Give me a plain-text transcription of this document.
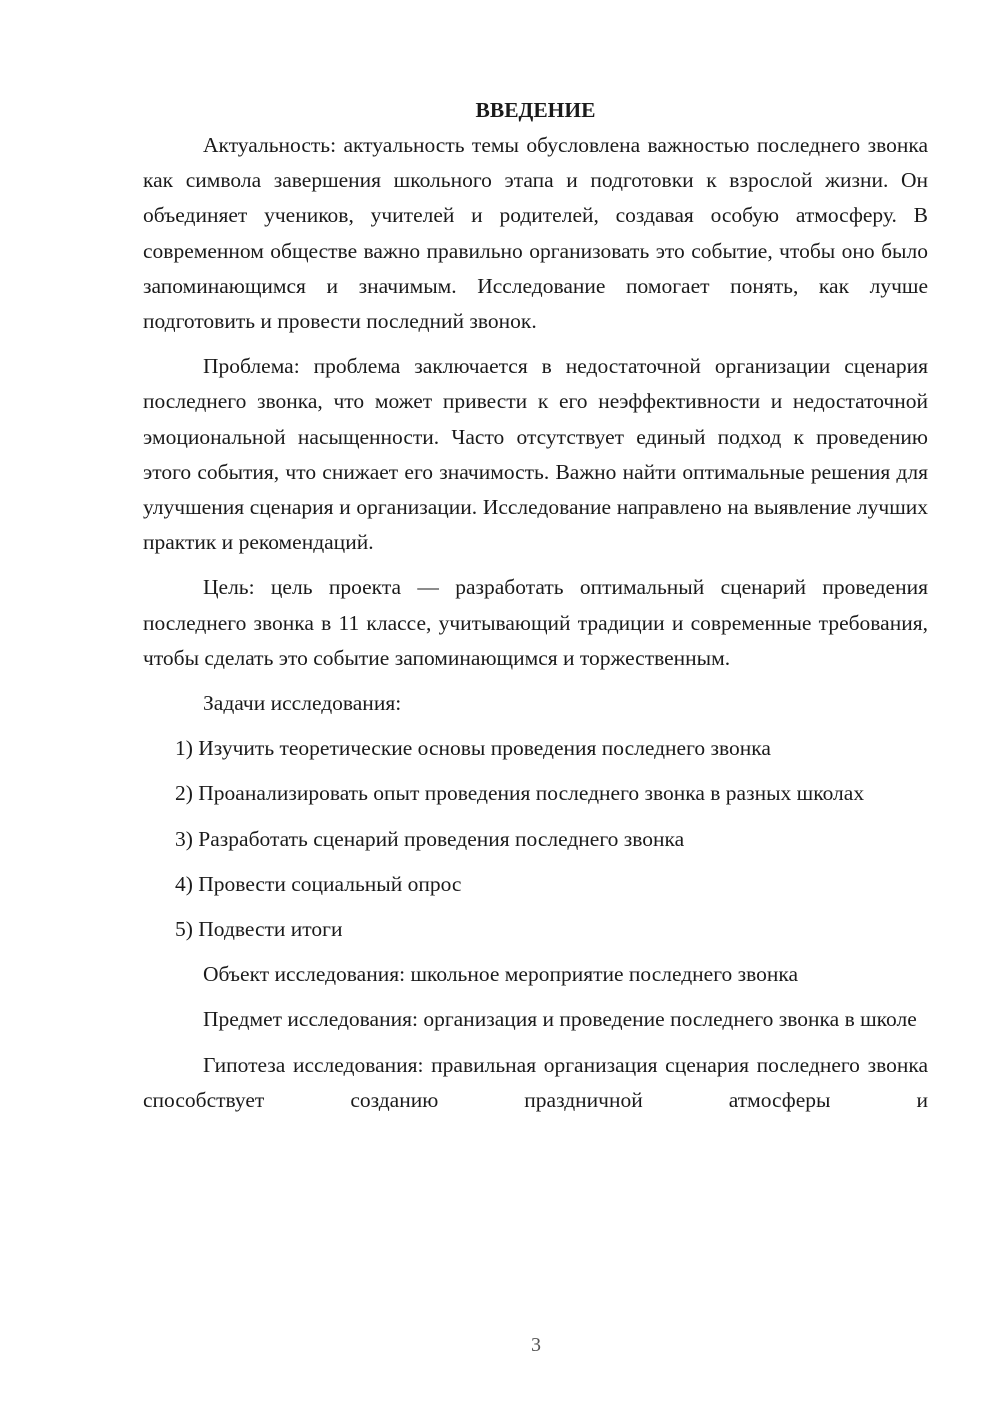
ВВЕДЕНИЕ

Актуальность: актуальность темы обусловлена важностью последнего звонка как символа завершения школьного этапа и подготовки к взрослой жизни. Он объединяет учеников, учителей и родителей, создавая особую атмосферу. В современном обществе важно правильно организовать это событие, чтобы оно было запоминающимся и значимым. Исследование помогает понять, как лучше подготовить и провести последний звонок.

Проблема: проблема заключается в недостаточной организации сценария последнего звонка, что может привести к его неэффективности и недостаточной эмоциональной насыщенности. Часто отсутствует единый подход к проведению этого события, что снижает его значимость. Важно найти оптимальные решения для улучшения сценария и организации. Исследование направлено на выявление лучших практик и рекомендаций.

Цель: цель проекта — разработать оптимальный сценарий проведения последнего звонка в 11 классе, учитывающий традиции и современные требования, чтобы сделать это событие запоминающимся и торжественным.

Задачи исследования:

1) Изучить теоретические основы проведения последнего звонка

2) Проанализировать опыт проведения последнего звонка в разных школах

3) Разработать сценарий проведения последнего звонка

4) Провести социальный опрос

5) Подвести итоги

Объект исследования: школьное мероприятие последнего звонка

Предмет исследования: организация и проведение последнего звонка в школе

Гипотеза исследования: правильная организация сценария последнего звонка способствует созданию праздничной атмосферы и

3
